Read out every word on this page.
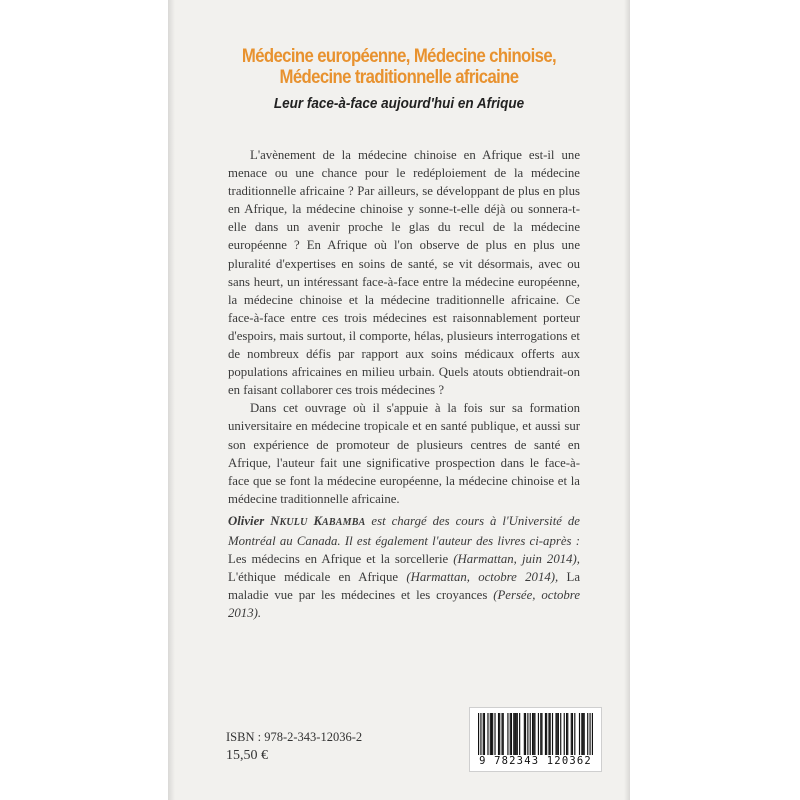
Médecine européenne, Médecine chinoise,
Médecine traditionnelle africaine
Leur face-à-face aujourd'hui en Afrique

L'avènement de la médecine chinoise en Afrique est-il une menace ou une chance pour le redéploiement de la médecine traditionnelle africaine ? Par ailleurs, se développant de plus en plus en Afrique, la médecine chinoise y sonne-t-elle déjà ou sonnera-t-elle dans un avenir proche le glas du recul de la médecine européenne ? En Afrique où l'on observe de plus en plus une pluralité d'expertises en soins de santé, se vit désormais, avec ou sans heurt, un intéressant face-à-face entre la médecine européenne, la médecine chinoise et la médecine traditionnelle africaine. Ce face-à-face entre ces trois médecines est raisonnablement porteur d'espoirs, mais surtout, il comporte, hélas, plusieurs interrogations et de nombreux défis par rapport aux soins médicaux offerts aux populations africaines en milieu urbain. Quels atouts obtiendrait-on en faisant collaborer ces trois médecines ?

Dans cet ouvrage où il s'appuie à la fois sur sa formation universitaire en médecine tropicale et en santé publique, et aussi sur son expérience de promoteur de plusieurs centres de santé en Afrique, l'auteur fait une significative prospection dans le face-à-face que se font la médecine européenne, la médecine chinoise et la médecine traditionnelle africaine.

Olivier NKULU KABAMBA est chargé des cours à l'Université de Montréal au Canada. Il est également l'auteur des livres ci-après : Les médecins en Afrique et la sorcellerie (Harmattan, juin 2014), L'éthique médicale en Afrique (Harmattan, octobre 2014), La maladie vue par les médecines et les croyances (Persée, octobre 2013).
ISBN : 978-2-343-12036-2
15,50 €	9 782343 120362
